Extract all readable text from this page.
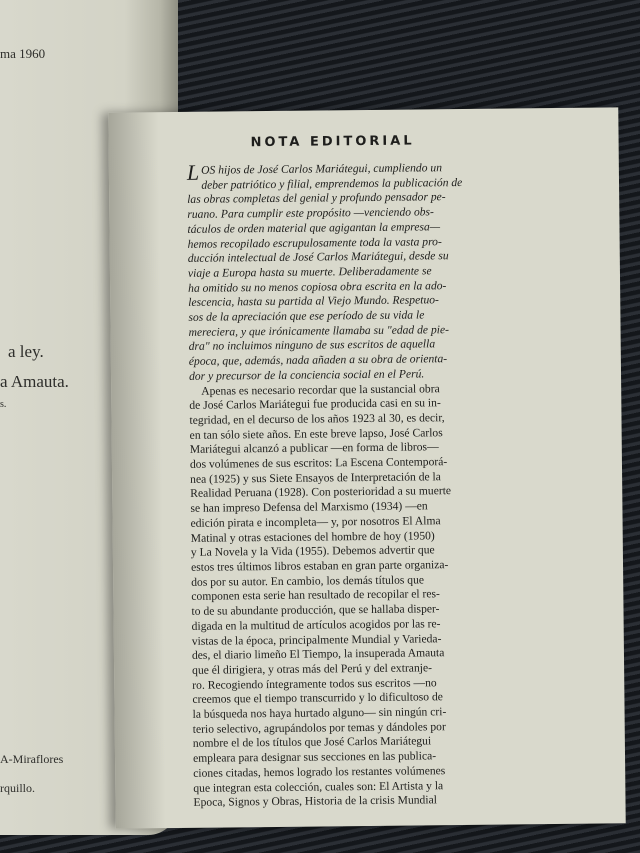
ma 1960
a ley.
a Amauta.
s.
A-Miraflores
rquillo.
NOTA EDITORIAL
L OS hijos de José Carlos Mariátegui, cumpliendo un
deber patriótico y filial, emprendemos la publicación de
las obras completas del genial y profundo pensador pe-
ruano. Para cumplir este propósito —venciendo obs-
táculos de orden material que agigantan la empresa—
hemos recopilado escrupulosamente toda la vasta pro-
ducción intelectual de José Carlos Mariátegui, desde su
viaje a Europa hasta su muerte. Deliberadamente se
ha omitido su no menos copiosa obra escrita en la ado-
lescencia, hasta su partida al Viejo Mundo. Respetuo-
sos de la apreciación que ese período de su vida le
mereciera, y que irónicamente llamaba su "edad de pie-
dra" no incluimos ninguno de sus escritos de aquella
época, que, además, nada añaden a su obra de orienta-
dor y precursor de la conciencia social en el Perú.
Apenas es necesario recordar que la sustancial obra
de José Carlos Mariátegui fue producida casi en su in-
tegridad, en el decurso de los años 1923 al 30, es decir,
en tan sólo siete años. En este breve lapso, José Carlos
Mariátegui alcanzó a publicar —en forma de libros—
dos volúmenes de sus escritos: La Escena Contemporá-
nea (1925) y sus Siete Ensayos de Interpretación de la
Realidad Peruana (1928). Con posterioridad a su muerte
se han impreso Defensa del Marxismo (1934) —en
edición pirata e incompleta— y, por nosotros El Alma
Matinal y otras estaciones del hombre de hoy (1950)
y La Novela y la Vida (1955). Debemos advertir que
estos tres últimos libros estaban en gran parte organiza-
dos por su autor. En cambio, los demás títulos que
componen esta serie han resultado de recopilar el res-
to de su abundante producción, que se hallaba disper-
digada en la multitud de artículos acogidos por las re-
vistas de la época, principalmente Mundial y Varieda-
des, el diario limeño El Tiempo, la insuperada Amauta
que él dirigiera, y otras más del Perú y del extranje-
ro. Recogiendo íntegramente todos sus escritos —no
creemos que el tiempo transcurrido y lo dificultoso de
la búsqueda nos haya hurtado alguno— sin ningún cri-
terio selectivo, agrupándolos por temas y dándoles por
nombre el de los títulos que José Carlos Mariátegui
empleara para designar sus secciones en las publica-
ciones citadas, hemos logrado los restantes volúmenes
que integran esta colección, cuales son: El Artista y la
Epoca, Signos y Obras, Historia de la crisis Mundial
